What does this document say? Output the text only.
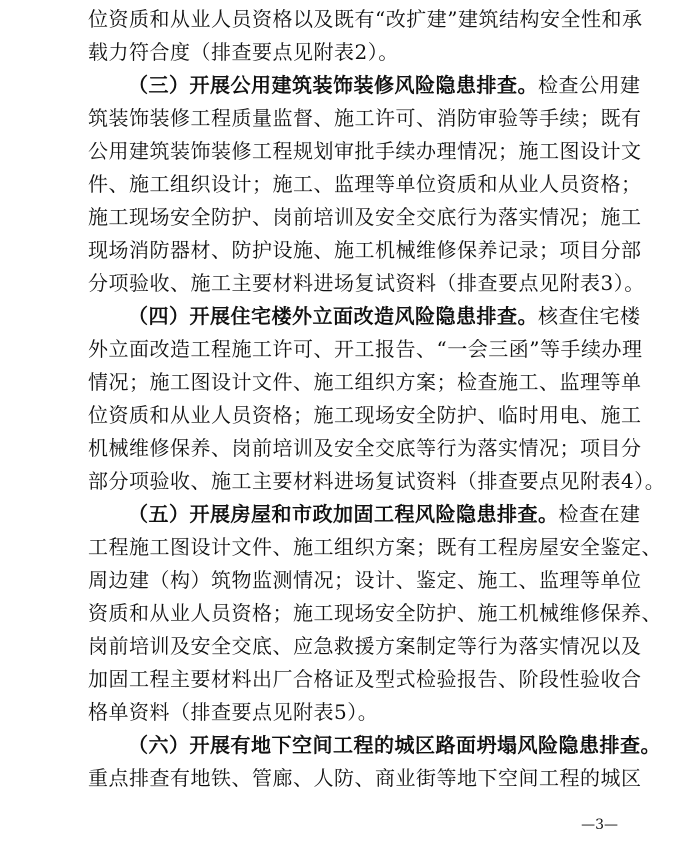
位资质和从业人员资格以及既有“改扩建”建筑结构安全性和承
载力符合度（排查要点见附表2）。
（三）开展公用建筑装饰装修风险隐患排查。检查公用建
筑装饰装修工程质量监督、施工许可、消防审验等手续；既有
公用建筑装饰装修工程规划审批手续办理情况；施工图设计文
件、施工组织设计；施工、监理等单位资质和从业人员资格；
施工现场安全防护、岗前培训及安全交底行为落实情况；施工
现场消防器材、防护设施、施工机械维修保养记录；项目分部
分项验收、施工主要材料进场复试资料（排查要点见附表3）。
（四）开展住宅楼外立面改造风险隐患排查。核查住宅楼
外立面改造工程施工许可、开工报告、“一会三函”等手续办理
情况；施工图设计文件、施工组织方案；检查施工、监理等单
位资质和从业人员资格；施工现场安全防护、临时用电、施工
机械维修保养、岗前培训及安全交底等行为落实情况；项目分
部分项验收、施工主要材料进场复试资料（排查要点见附表4）。
（五）开展房屋和市政加固工程风险隐患排查。检查在建
工程施工图设计文件、施工组织方案；既有工程房屋安全鉴定、
周边建（构）筑物监测情况；设计、鉴定、施工、监理等单位
资质和从业人员资格；施工现场安全防护、施工机械维修保养、
岗前培训及安全交底、应急救援方案制定等行为落实情况以及
加固工程主要材料出厂合格证及型式检验报告、阶段性验收合
格单资料（排查要点见附表5）。
（六）开展有地下空间工程的城区路面坍塌风险隐患排查。
重点排查有地铁、管廊、人防、商业街等地下空间工程的城区
—3—
